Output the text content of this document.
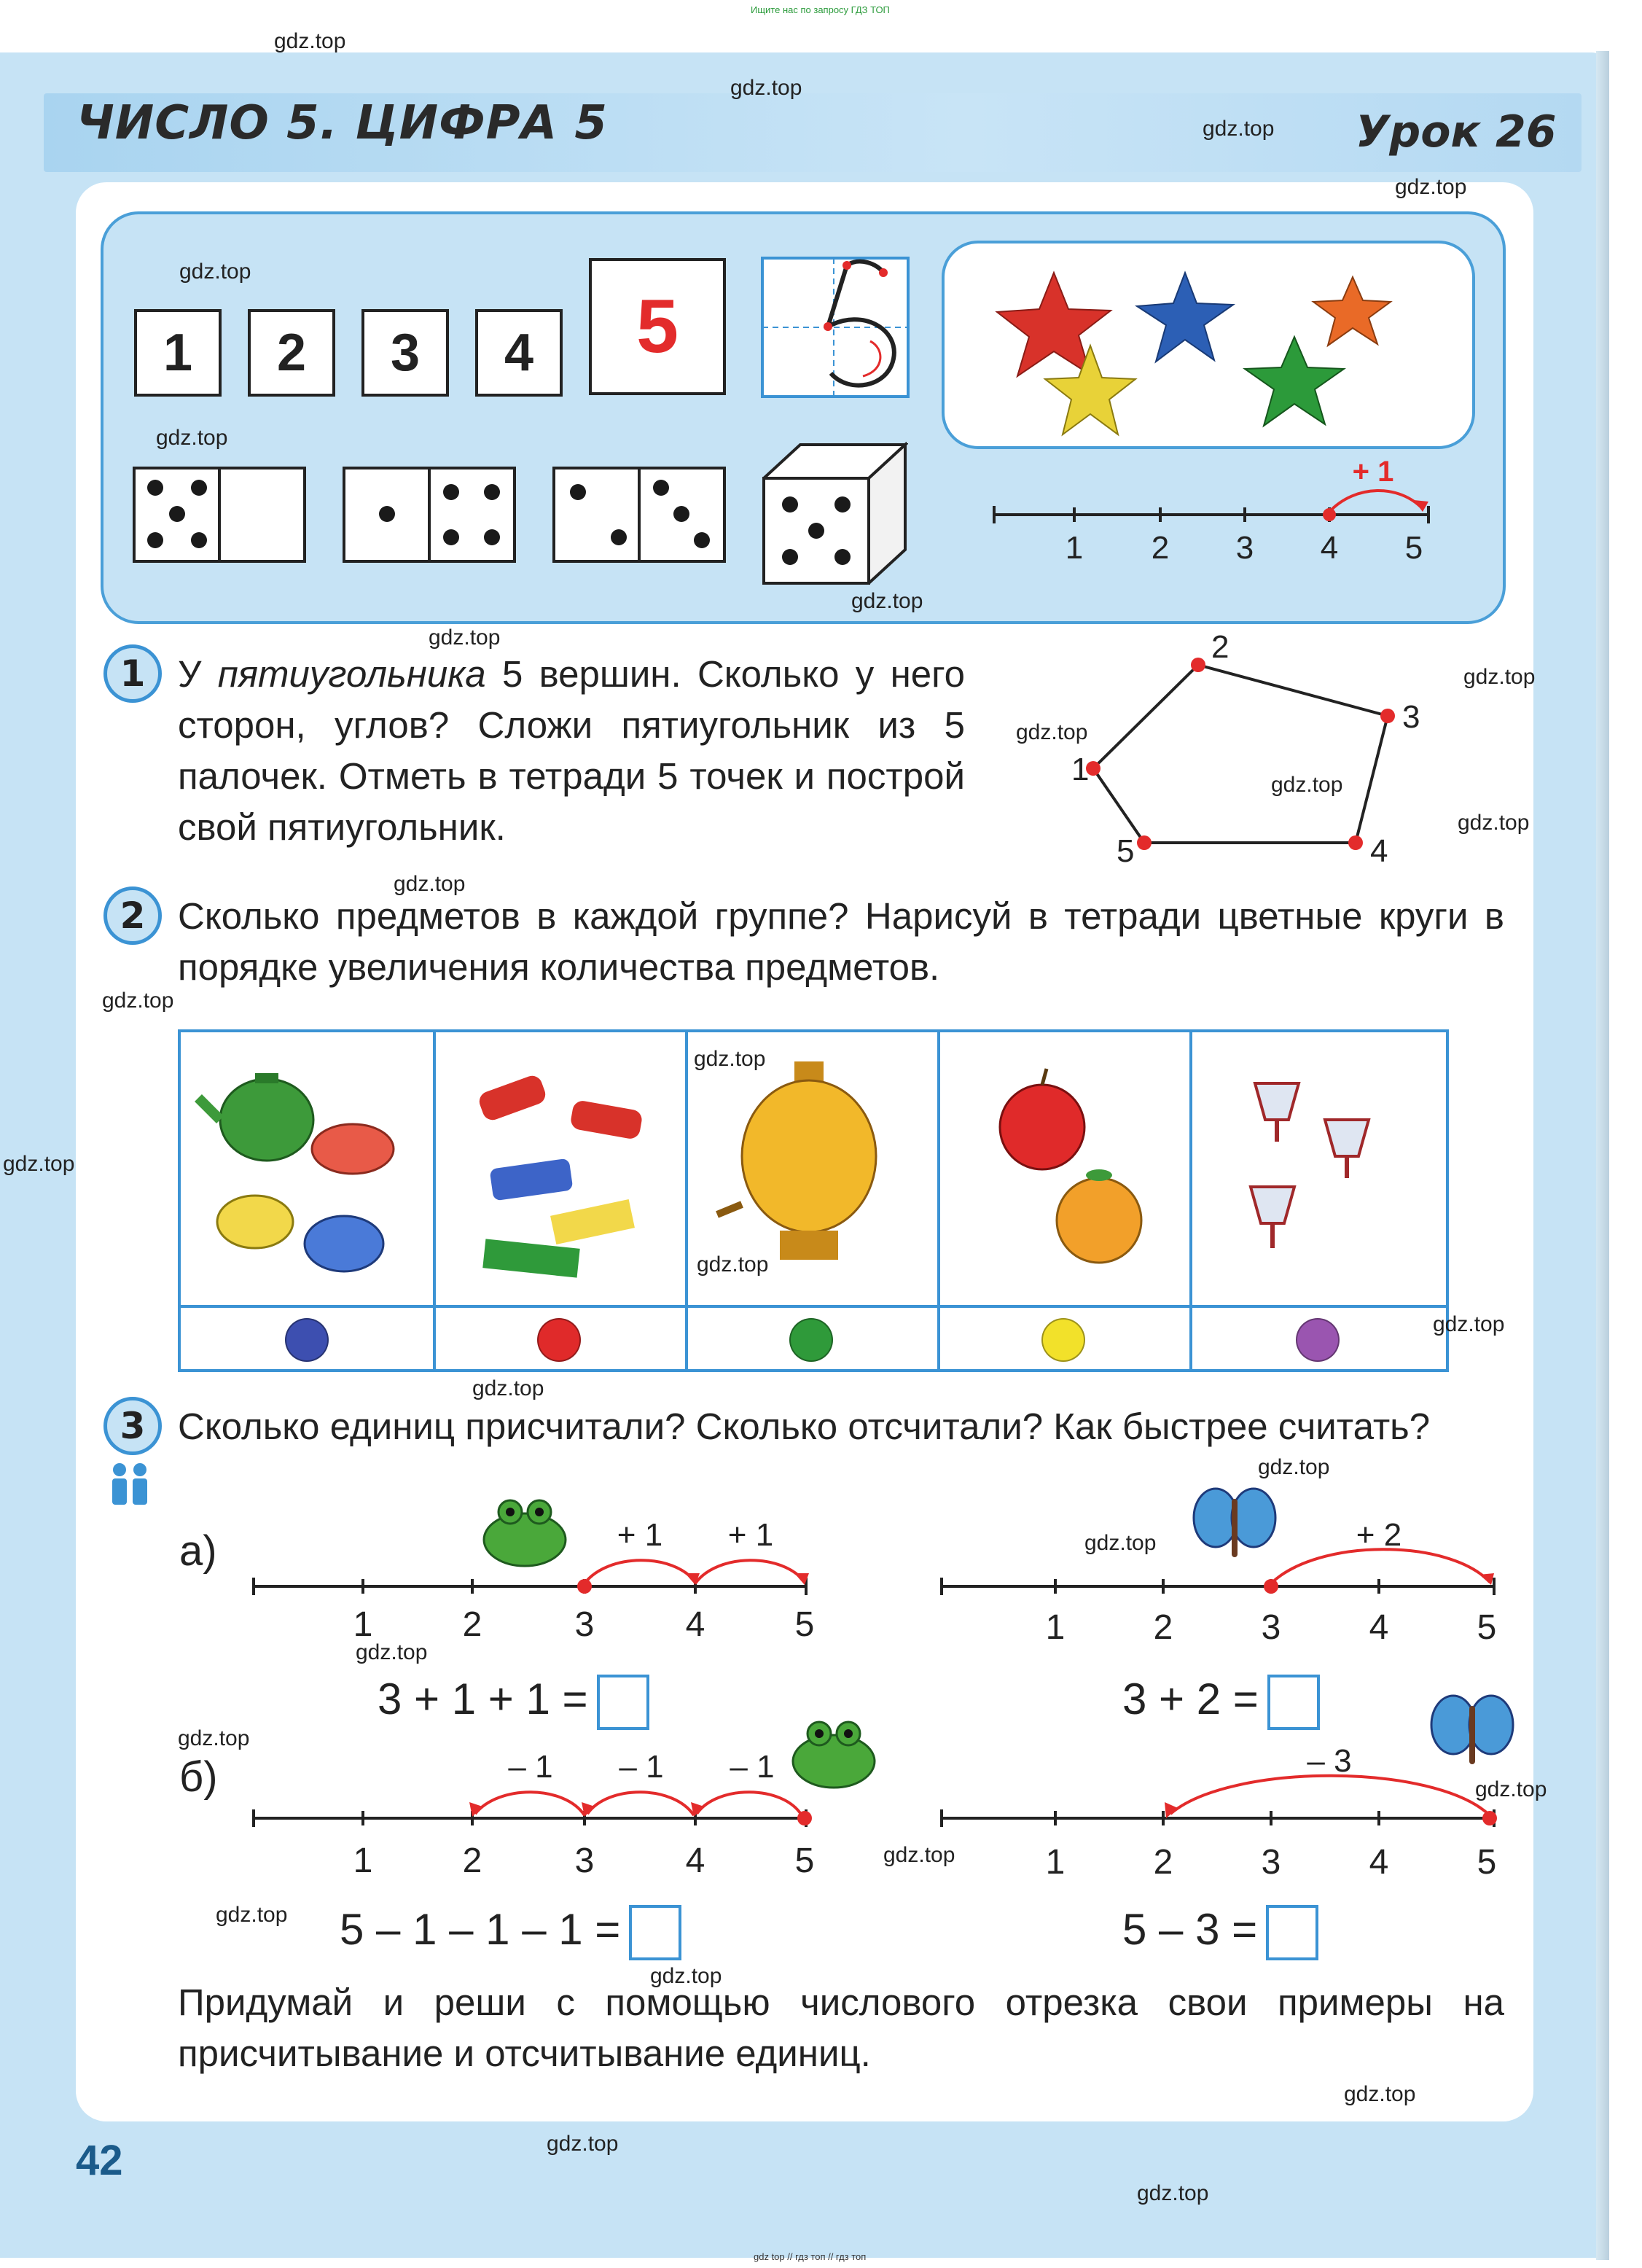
Ищите нас по запросу ГДЗ ТОП
ЧИСЛО 5. ЦИФРА 5	Урок 26
1	2	3	4	5
1 2 3 4 5
+ 1
1 У пятиугольника 5 вершин. Сколько у него сторон, углов? Сложи пятиугольник из 5 палочек. Отметь в тетради 5 точек и построй свой пятиугольник.
1
2
3
4
5
2 Сколько предметов в каждой группе? Нарисуй в тетради цветные круги в порядке увеличения количества предметов.
3 Сколько единиц присчитали? Сколько отсчитали? Как быстрее считать?
а)
б)
1	2	3	4	5
+ 1 + 1
1	2	3	4	5
+ 2
3 + 1 + 1 =	3 + 2 =
1	2	3	4	5
– 1 – 1 – 1
1	2	3	4	5
– 3
5 – 1 – 1 – 1 =	5 – 3 =
Придумай и реши с помощью числового отрезка свои примеры на присчитывание и отсчитывание единиц.
42
gdz.top
gdz.top
gdz.top
gdz.top
gdz.top
gdz.top
gdz.top
gdz.top
gdz.top
gdz.top
gdz.top
gdz.top
gdz.top
gdz.top
gdz.top
gdz.top
gdz.top
gdz.top
gdz.top
gdz.top
gdz.top
gdz.top
gdz.top
gdz.top
gdz.top
gdz.top
gdz.top
gdz.top
gdz.top
gdz.top
gdz top // гдз топ // гдз топ
